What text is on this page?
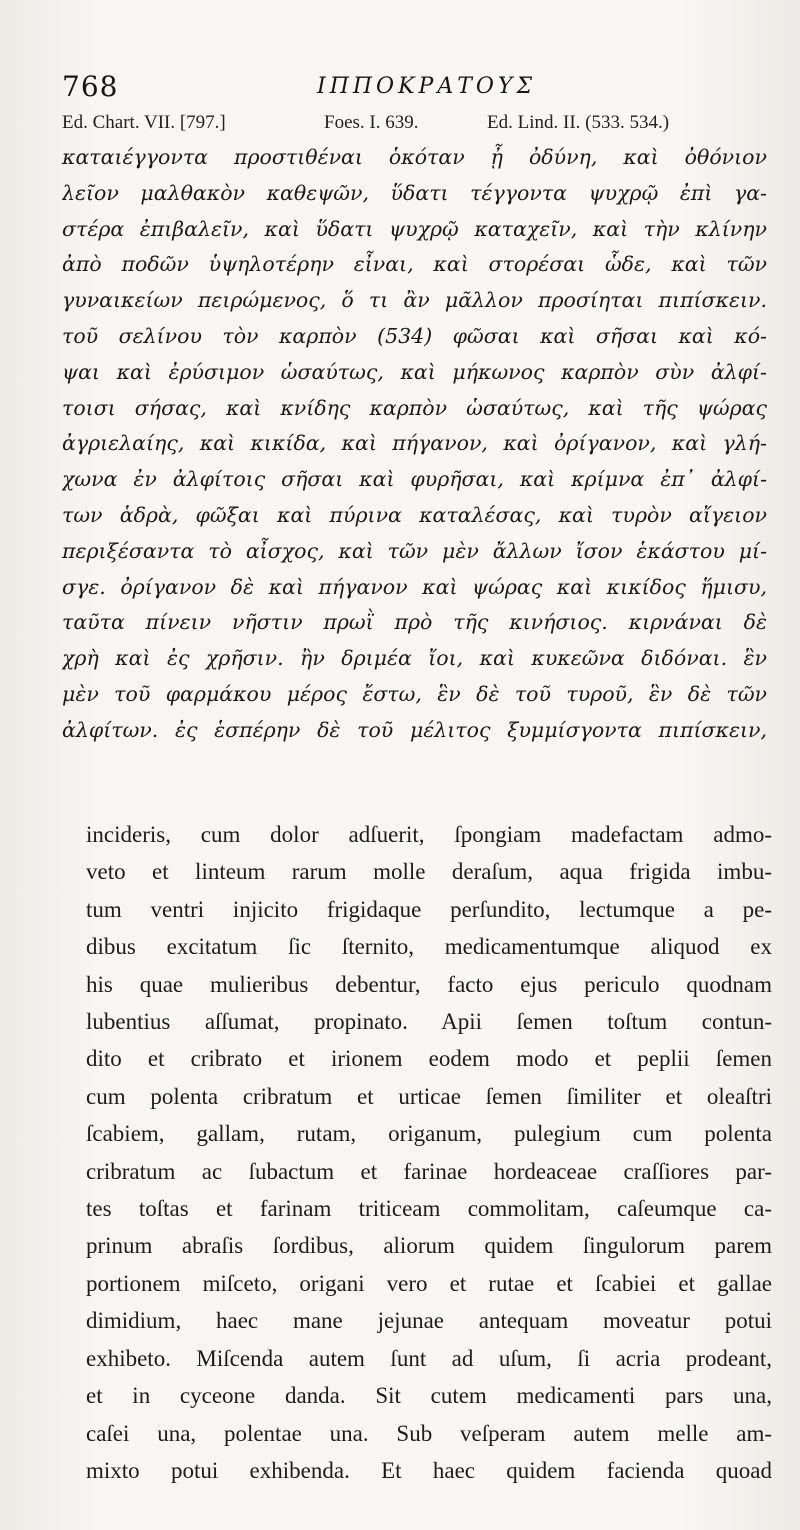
768	ΙΠΠΟΚΡΑΤΟΥΣ
Ed. Chart. VII. [797.]	Foes. I. 639.	Ed. Lind. II. (533. 534.)
καταιέγγοντα προστιθέναι ὁκόταν ᾖ ὀδύνη, καὶ ὀθόνιον
λεῖον μαλθακὸν καθεψῶν, ὕδατι τέγγοντα ψυχρῷ ἐπὶ γα-
στέρα ἐπιβαλεῖν, καὶ ὕδατι ψυχρῷ καταχεῖν, καὶ τὴν κλίνην
ἀπὸ ποδῶν ὑψηλοτέρην εἶναι, καὶ στορέσαι ὧδε, καὶ τῶν
γυναικείων πειρώμενος, ὅ τι ἂν μᾶλλον προσίηται πιπίσκειν.
τοῦ σελίνου τὸν καρπὸν (534) φῶσαι καὶ σῆσαι καὶ κό-
ψαι καὶ ἐρύσιμον ὡσαύτως, καὶ μήκωνος καρπὸν σὺν ἀλφί-
τοισι σήσας, καὶ κνίδης καρπὸν ὡσαύτως, καὶ τῆς ψώρας
ἀγριελαίης, καὶ κικίδα, καὶ πήγανον, καὶ ὀρίγανον, καὶ γλή-
χωνα ἐν ἀλφίτοις σῆσαι καὶ φυρῆσαι, καὶ κρίμνα ἐπ᾽ ἀλφί-
των ἁδρὰ, φῶξαι καὶ πύρινα καταλέσας, καὶ τυρὸν αἴγειον
περιξέσαντα τὸ αἶσχος, καὶ τῶν μὲν ἄλλων ἴσον ἑκάστου μί-
σγε. ὀρίγανον δὲ καὶ πήγανον καὶ ψώρας καὶ κικίδος ἥμισυ,
ταῦτα πίνειν νῆστιν πρωῒ πρὸ τῆς κινήσιος. κιρνάναι δὲ
χρὴ καὶ ἐς χρῆσιν. ἢν δριμέα ἴοι, καὶ κυκεῶνα διδόναι. ἓν
μὲν τοῦ φαρμάκου μέρος ἔστω, ἓν δὲ τοῦ τυροῦ, ἓν δὲ τῶν
ἀλφίτων. ἐς ἑσπέρην δὲ τοῦ μέλιτος ξυμμίσγοντα πιπίσκειν,
incideris, cum dolor adſuerit, ſpongiam madefactam admo-
veto et linteum rarum molle deraſum, aqua frigida imbu-
tum ventri injicito frigidaque perſundito, lectumque a pe-
dibus excitatum ſic ſternito, medicamentumque aliquod ex
his quae mulieribus debentur, facto ejus periculo quodnam
lubentius aſſumat, propinato. Apii ſemen toſtum contun-
dito et cribrato et irionem eodem modo et peplii ſemen
cum polenta cribratum et urticae ſemen ſimiliter et oleaſtri
ſcabiem, gallam, rutam, origanum, pulegium cum polenta
cribratum ac ſubactum et farinae hordeaceae craſſiores par-
tes toſtas et farinam triticeam commolitam, caſeumque ca-
prinum abraſis ſordibus, aliorum quidem ſingulorum parem
portionem miſceto, origani vero et rutae et ſcabiei et gallae
dimidium, haec mane jejunae antequam moveatur potui
exhibeto. Miſcenda autem ſunt ad uſum, ſi acria prodeant,
et in cyceone danda. Sit cutem medicamenti pars una,
caſei una, polentae una. Sub veſperam autem melle am-
mixto potui exhibenda. Et haec quidem facienda quoad
